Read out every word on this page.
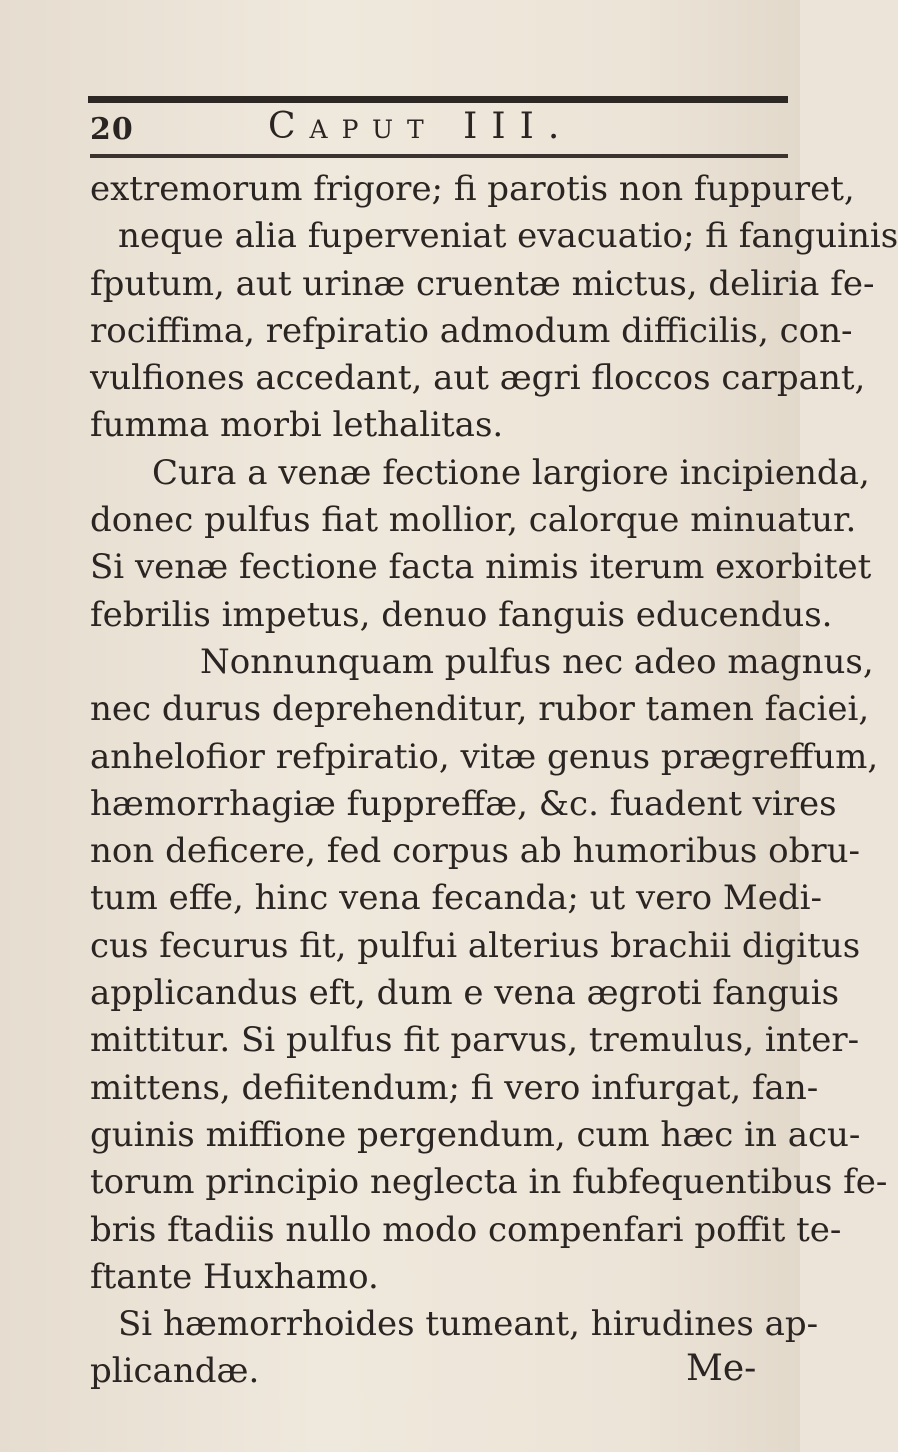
20	Caput III.
extremorum frigore; fi parotis non fuppuret,
neque alia fuperveniat evacuatio; fi fanguinis
fputum, aut urinæ cruentæ mictus, deliria fe-
rociffima, refpiratio admodum difficilis, con-
vulfiones accedant, aut ægri floccos carpant,
fumma morbi lethalitas.
Cura a venæ fectione largiore incipienda,
donec pulfus fiat mollior, calorque minuatur.
Si venæ fectione facta nimis iterum exorbitet
febrilis impetus, denuo fanguis educendus.
Nonnunquam pulfus nec adeo magnus,
nec durus deprehenditur, rubor tamen faciei,
anhelofior refpiratio, vitæ genus prægreffum,
hæmorrhagiæ fuppreffæ, &c. fuadent vires
non deficere, fed corpus ab humoribus obru-
tum effe, hinc vena fecanda; ut vero Medi-
cus fecurus fit, pulfui alterius brachii digitus
applicandus eft, dum e vena ægroti fanguis
mittitur. Si pulfus fit parvus, tremulus, inter-
mittens, defiitendum; fi vero infurgat, fan-
guinis miffione pergendum, cum hæc in acu-
torum principio neglecta in fubfequentibus fe-
bris ftadiis nullo modo compenfari poffit te-
ftante Huxhamo.
Si hæmorrhoides tumeant, hirudines ap-
plicandæ.	Me-
